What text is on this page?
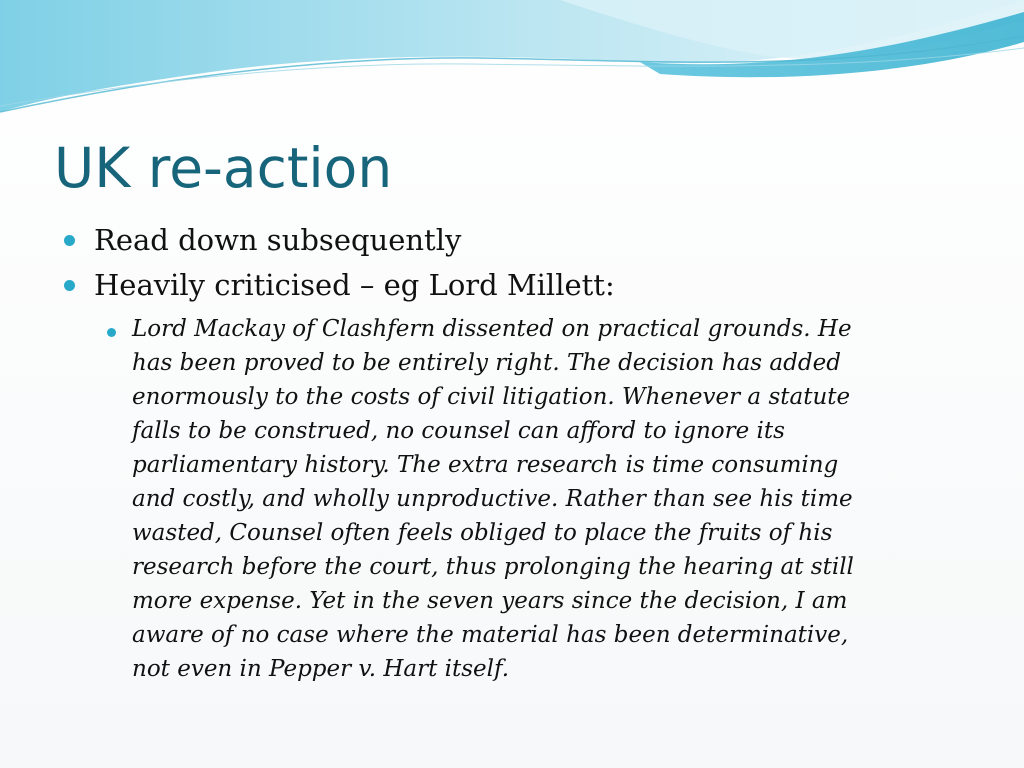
UK re-action
Read down subsequently
Heavily criticised – eg Lord Millett:
Lord Mackay of Clashfern dissented on practical grounds. He
has been proved to be entirely right. The decision has added
enormously to the costs of civil litigation. Whenever a statute
falls to be construed, no counsel can afford to ignore its
parliamentary history. The extra research is time consuming
and costly, and wholly unproductive. Rather than see his time
wasted, Counsel often feels obliged to place the fruits of his
research before the court, thus prolonging the hearing at still
more expense. Yet in the seven years since the decision, I am
aware of no case where the material has been determinative,
not even in Pepper v. Hart itself.
